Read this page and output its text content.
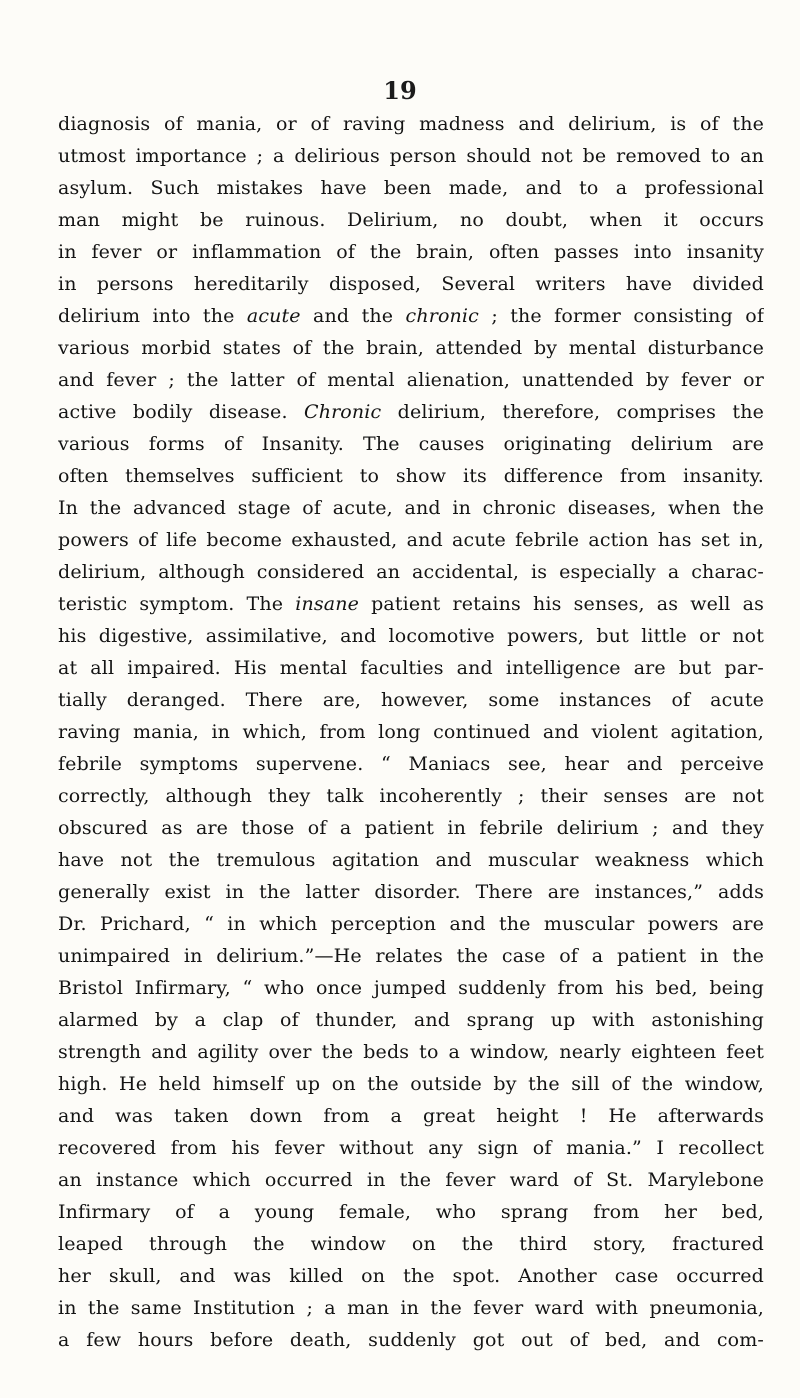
19
diagnosis of mania, or of raving madness and delirium, is of the
utmost importance ; a delirious person should not be removed to an
asylum. Such mistakes have been made, and to a professional
man might be ruinous. Delirium, no doubt, when it occurs
in fever or inflammation of the brain, often passes into insanity
in persons hereditarily disposed, Several writers have divided
delirium into the acute and the chronic ; the former consisting of
various morbid states of the brain, attended by mental disturbance
and fever ; the latter of mental alienation, unattended by fever or
active bodily disease. Chronic delirium, therefore, comprises the
various forms of Insanity. The causes originating delirium are
often themselves sufficient to show its difference from insanity.
In the advanced stage of acute, and in chronic diseases, when the
powers of life become exhausted, and acute febrile action has set in,
delirium, although considered an accidental, is especially a charac-
teristic symptom. The insane patient retains his senses, as well as
his digestive, assimilative, and locomotive powers, but little or not
at all impaired. His mental faculties and intelligence are but par-
tially deranged. There are, however, some instances of acute
raving mania, in which, from long continued and violent agitation,
febrile symptoms supervene. “ Maniacs see, hear and perceive
correctly, although they talk incoherently ; their senses are not
obscured as are those of a patient in febrile delirium ; and they
have not the tremulous agitation and muscular weakness which
generally exist in the latter disorder. There are instances,” adds
Dr. Prichard, “ in which perception and the muscular powers are
unimpaired in delirium.”—He relates the case of a patient in the
Bristol Infirmary, “ who once jumped suddenly from his bed, being
alarmed by a clap of thunder, and sprang up with astonishing
strength and agility over the beds to a window, nearly eighteen feet
high. He held himself up on the outside by the sill of the window,
and was taken down from a great height ! He afterwards
recovered from his fever without any sign of mania.” I recollect
an instance which occurred in the fever ward of St. Marylebone
Infirmary of a young female, who sprang from her bed,
leaped through the window on the third story, fractured
her skull, and was killed on the spot. Another case occurred
in the same Institution ; a man in the fever ward with pneumonia,
a few hours before death, suddenly got out of bed, and com-
